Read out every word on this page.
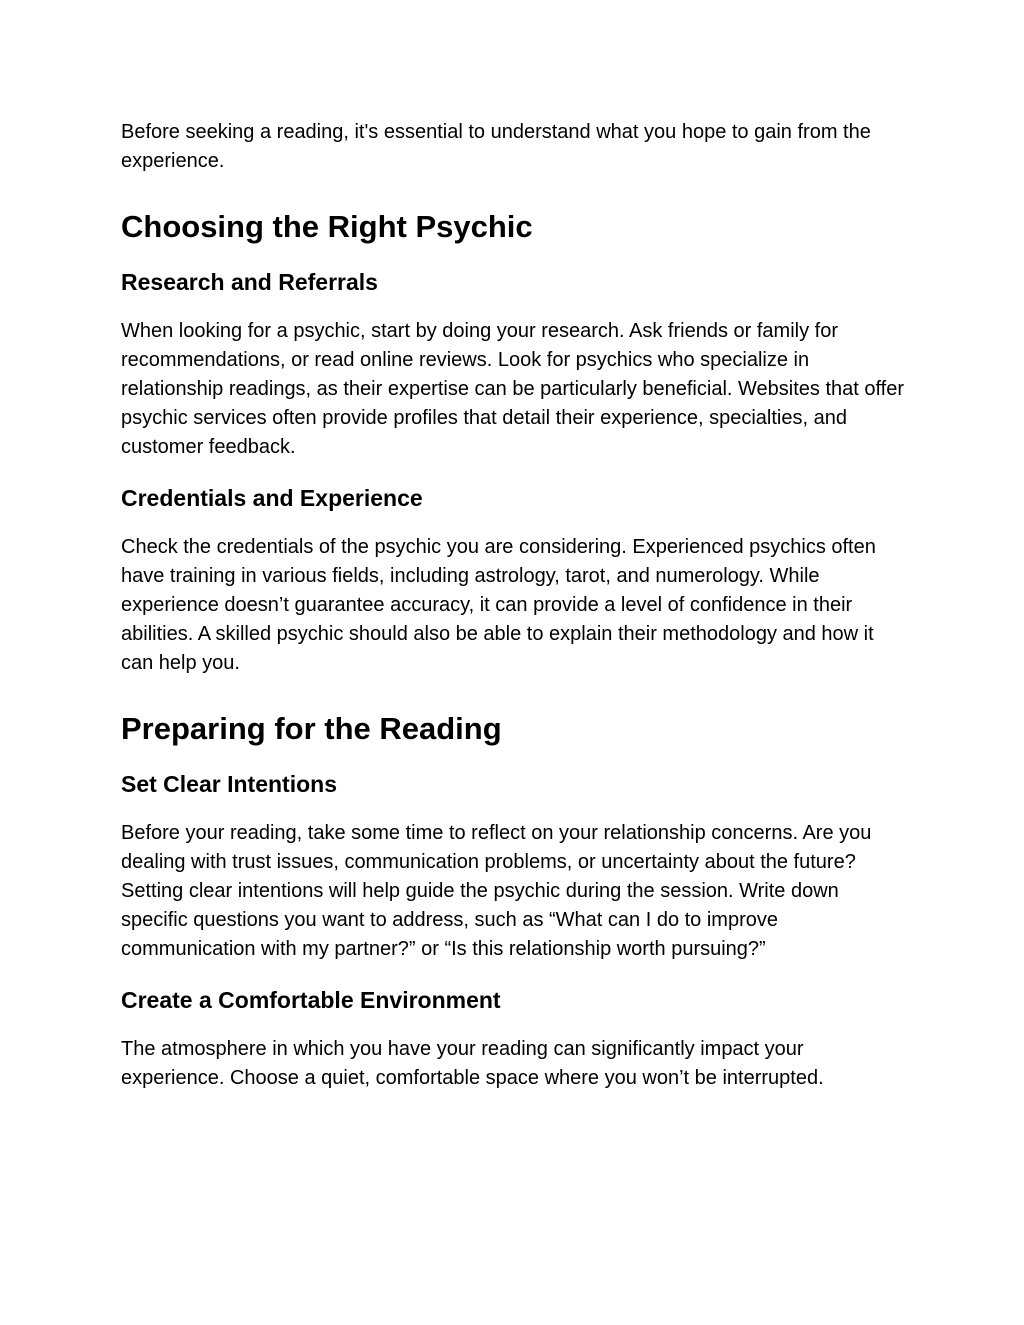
Before seeking a reading, it's essential to understand what you hope to gain from the experience.

Choosing the Right Psychic
Research and Referrals

When looking for a psychic, start by doing your research. Ask friends or family for recommendations, or read online reviews. Look for psychics who specialize in relationship readings, as their expertise can be particularly beneficial. Websites that offer psychic services often provide profiles that detail their experience, specialties, and customer feedback.

Credentials and Experience

Check the credentials of the psychic you are considering. Experienced psychics often have training in various fields, including astrology, tarot, and numerology. While experience doesn’t guarantee accuracy, it can provide a level of confidence in their abilities. A skilled psychic should also be able to explain their methodology and how it can help you.

Preparing for the Reading
Set Clear Intentions

Before your reading, take some time to reflect on your relationship concerns. Are you dealing with trust issues, communication problems, or uncertainty about the future? Setting clear intentions will help guide the psychic during the session. Write down specific questions you want to address, such as “What can I do to improve communication with my partner?” or “Is this relationship worth pursuing?”

Create a Comfortable Environment

The atmosphere in which you have your reading can significantly impact your experience. Choose a quiet, comfortable space where you won’t be interrupted.
